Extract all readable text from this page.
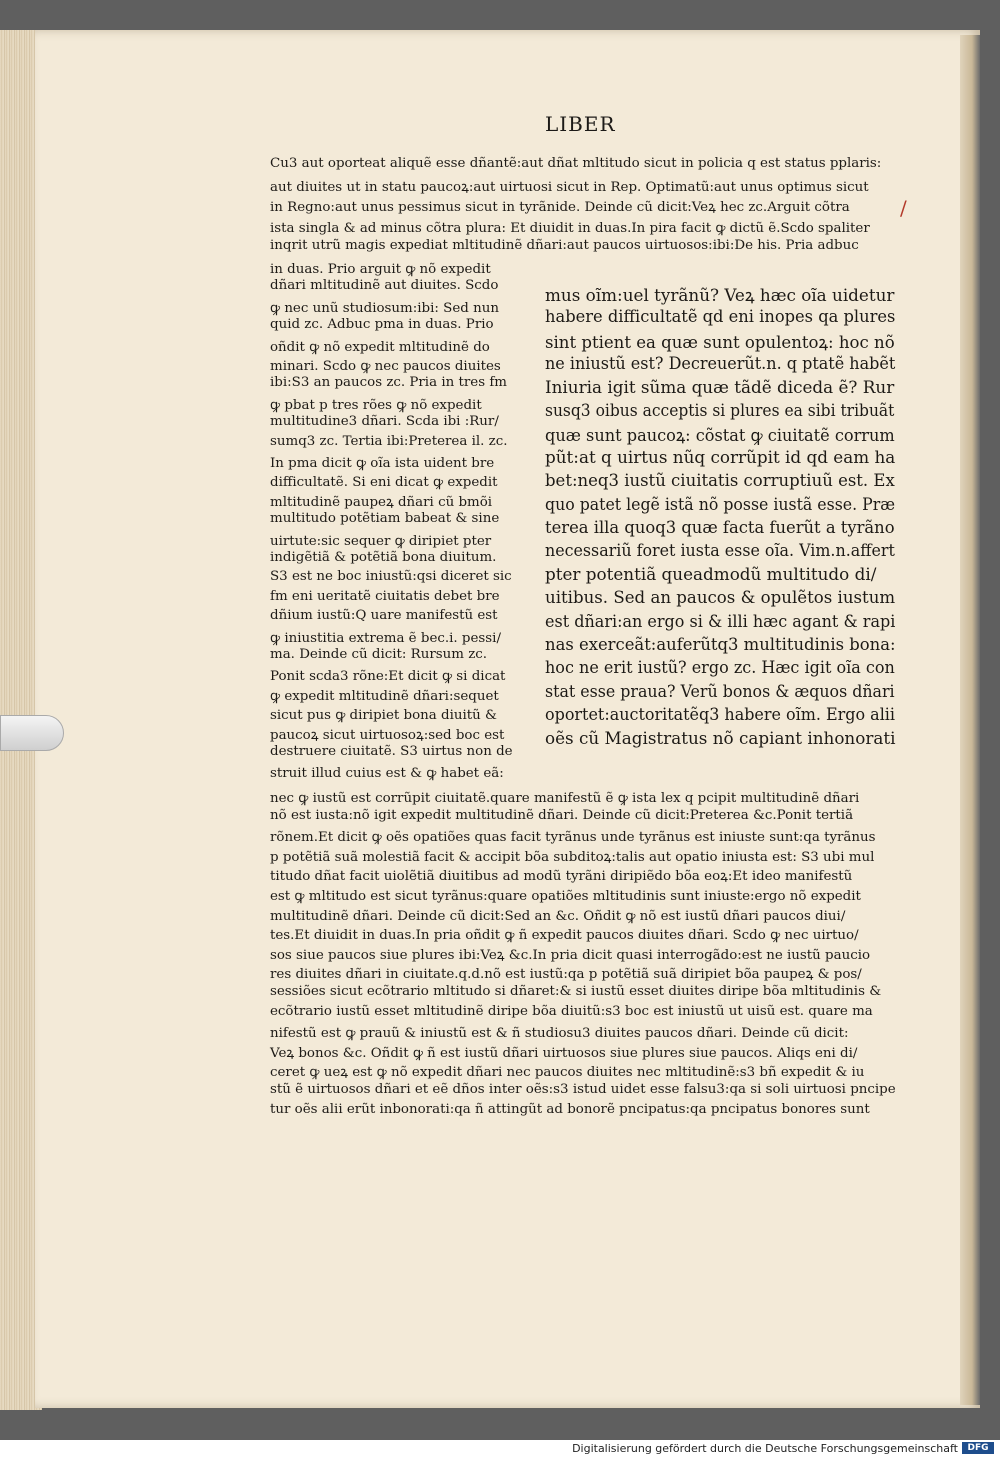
LIBER
/
Cu3 aut oporteat aliquẽ esse dñantẽ:aut dñat mltitudo sicut in policia q est status pplaris:
aut diuites ut in statu paucoꝝ:aut uirtuosi sicut in Rep. Optimatũ:aut unus optimus sicut
in Regno:aut unus pessimus sicut in tyrãnide. Deinde cũ dicit:Veꝝ hec zc.Arguit cõtra
ista singla & ad minus cõtra plura: Et diuidit in duas.In pira facit ꝙ dictũ ẽ.Scdo spaliter
inqrit utrũ magis expediat mltitudinẽ dñari:aut paucos uirtuosos:ibi:De his. Pria adbuc
in duas. Prio arguit ꝙ nõ expedit
dñari mltitudinẽ aut diuites. Scdo
ꝙ nec unũ studiosum:ibi: Sed nun
quid zc. Adbuc pma in duas. Prio
oñdit ꝙ nõ expedit mltitudinẽ do
minari. Scdo ꝙ nec paucos diuites
ibi:S3 an paucos zc. Pria in tres fm
ꝙ pbat p tres rões ꝙ nõ expedit
multitudine3 dñari. Scda ibi :Rur/
sumq3 zc. Tertia ibi:Preterea il. zc.
In pma dicit ꝙ oĩa ista uident bre
difficultatẽ. Si eni dicat ꝙ expedit
mltitudinẽ paupeꝝ dñari cũ bmõi
multitudo potẽtiam babeat & sine
uirtute:sic sequer ꝙ diripiet pter
indigẽtiã & potẽtiã bona diuitum.
S3 est ne boc iniustũ:qsi diceret sic
fm eni ueritatẽ ciuitatis debet bre
dñium iustũ:Q uare manifestũ est
ꝙ iniustitia extrema ẽ bec.i. pessi/
ma. Deinde cũ dicit: Rursum zc.
Ponit scda3 rõne:Et dicit ꝙ si dicat
ꝙ expedit mltitudinẽ dñari:sequet
sicut pus ꝙ diripiet bona diuitũ &
paucoꝝ sicut uirtuosoꝝ:sed boc est
destruere ciuitatẽ. S3 uirtus non de
struit illud cuius est & ꝙ habet eã:
mus oĩm:uel tyrãnũ? Veꝝ hæc oĩa uidetur
habere difficultatẽ qd eni inopes qa plures
sint ptient ea quæ sunt opulentoꝝ: hoc nõ
ne iniustũ est? Decreuerũt.n. q ptatẽ habẽt
Iniuria igit sũma quæ tãdẽ diceda ẽ? Rur
susq3 oibus acceptis si plures ea sibi tribuãt
quæ sunt paucoꝝ: cõstat ꝙ ciuitatẽ corrum
pũt:at q uirtus nũq corrũpit id qd eam ha
bet:neq3 iustũ ciuitatis corruptiuũ est. Ex
quo patet legẽ istã nõ posse iustã esse. Præ
terea illa quoq3 quæ facta fuerũt a tyrãno
necessariũ foret iusta esse oĩa. Vim.n.affert
pter potentiã queadmodũ multitudo di/
uitibus. Sed an paucos & opulẽtos iustum
est dñari:an ergo si & illi hæc agant & rapi
nas exerceãt:auferũtq3 multitudinis bona:
hoc ne erit iustũ? ergo zc. Hæc igit oĩa con
stat esse praua? Verũ bonos & æquos dñari
oportet:auctoritatẽq3 habere oĩm. Ergo alii
oẽs cũ Magistratus nõ capiant inhonorati
nec ꝙ iustũ est corrũpit ciuitatẽ.quare manifestũ ẽ ꝙ ista lex q pcipit multitudinẽ dñari
nõ est iusta:nõ igit expedit multitudinẽ dñari. Deinde cũ dicit:Preterea &c.Ponit tertiã
rõnem.Et dicit ꝙ oẽs opatiões quas facit tyrãnus unde tyrãnus est iniuste sunt:qa tyrãnus
p potẽtiã suã molestiã facit & accipit bõa subditoꝝ:talis aut opatio iniusta est: S3 ubi mul
titudo dñat facit uiolẽtiã diuitibus ad modũ tyrãni diripiẽdo bõa eoꝝ:Et ideo manifestũ
est ꝙ mltitudo est sicut tyrãnus:quare opatiões mltitudinis sunt iniuste:ergo nõ expedit
multitudinẽ dñari. Deinde cũ dicit:Sed an &c. Oñdit ꝙ nõ est iustũ dñari paucos diui/
tes.Et diuidit in duas.In pria oñdit ꝙ ñ expedit paucos diuites dñari. Scdo ꝙ nec uirtuo/
sos siue paucos siue plures ibi:Veꝝ &c.In pria dicit quasi interrogãdo:est ne iustũ paucio
res diuites dñari in ciuitate.q.d.nõ est iustũ:qa p potẽtiã suã diripiet bõa paupeꝝ & pos/
sessiões sicut ecõtrario mltitudo si dñaret:& si iustũ esset diuites diripe bõa mltitudinis &
ecõtrario iustũ esset mltitudinẽ diripe bõa diuitũ:s3 boc est iniustũ ut uisũ est. quare ma
nifestũ est ꝙ prauũ & iniustũ est & ñ studiosu3 diuites paucos dñari. Deinde cũ dicit:
Veꝝ bonos &c. Oñdit ꝙ ñ est iustũ dñari uirtuosos siue plures siue paucos. Aliqs eni di/
ceret ꝙ ueꝝ est ꝙ nõ expedit dñari nec paucos diuites nec mltitudinẽ:s3 bñ expedit & iu
stũ ẽ uirtuosos dñari et eẽ dños inter oẽs:s3 istud uidet esse falsu3:qa si soli uirtuosi pncipe
tur oẽs alii erũt inbonorati:qa ñ attingũt ad bonorẽ pncipatus:qa pncipatus bonores sunt
Digitalisierung gefördert durch die Deutsche Forschungsgemeinschaft	DFG
